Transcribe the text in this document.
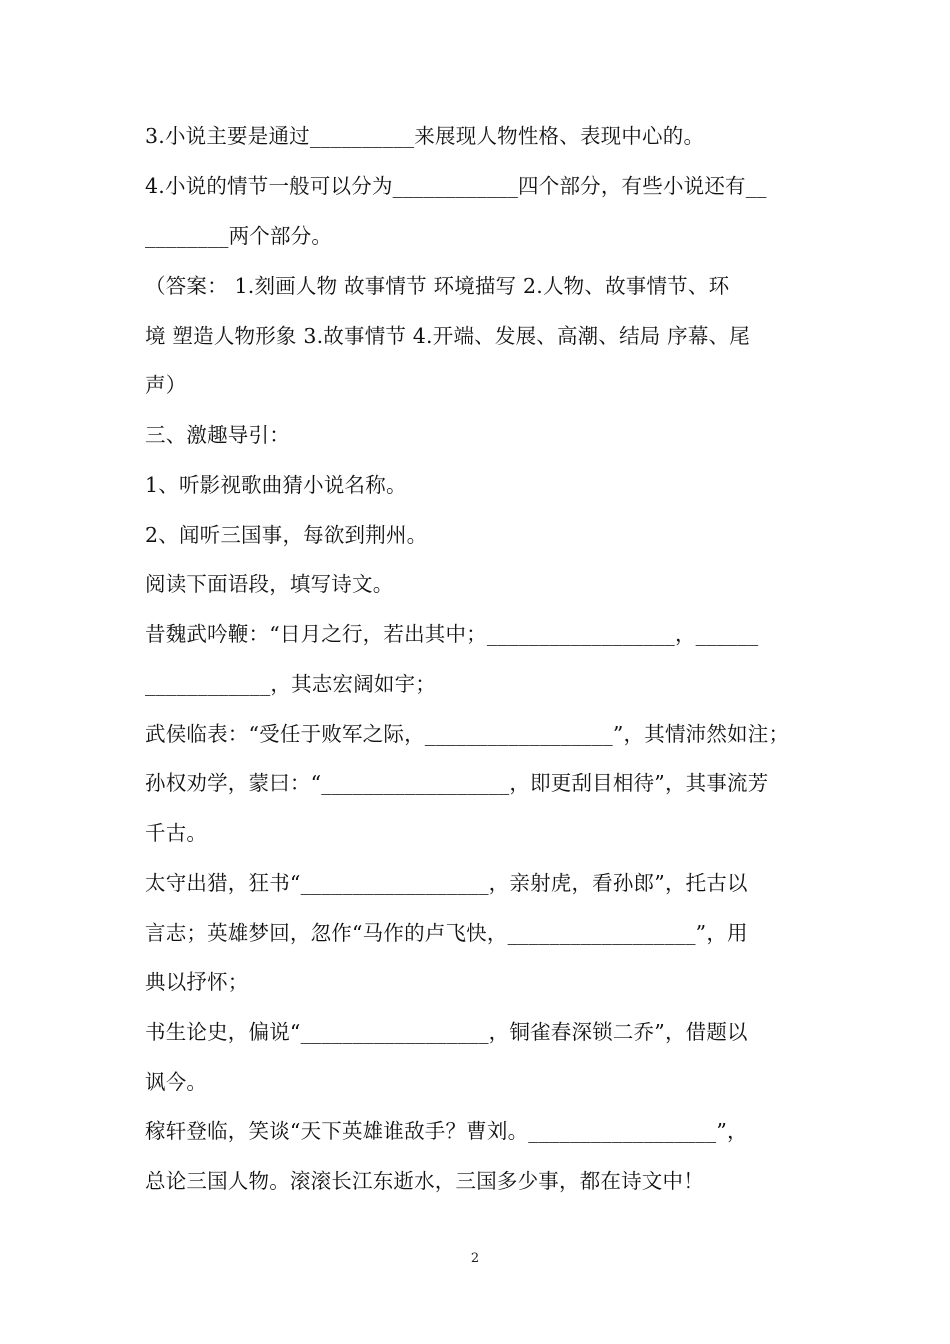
3.小说主要是通过__________来展现人物性格、表现中心的。
4.小说的情节一般可以分为____________四个部分，有些小说还有__
________两个部分。
（答案： 1.刻画人物 故事情节 环境描写 2.人物、故事情节、环
境 塑造人物形象 3.故事情节 4.开端、发展、高潮、结局 序幕、尾
声）
三、激趣导引：
1、听影视歌曲猜小说名称。
2、闻听三国事，每欲到荆州。
阅读下面语段，填写诗文。
昔魏武吟鞭：“日月之行，若出其中；__________________，______
____________，其志宏阔如宇；
武侯临表：“受任于败军之际，__________________”，其情沛然如注；
孙权劝学，蒙曰：“__________________，即更刮目相待”，其事流芳
千古。
太守出猎，狂书“__________________，亲射虎，看孙郎”，托古以
言志；英雄梦回，忽作“马作的卢飞快，__________________”，用
典以抒怀；
书生论史，偏说“__________________，铜雀春深锁二乔”，借题以
讽今。
稼轩登临，笑谈“天下英雄谁敌手？曹刘。__________________”，
总论三国人物。滚滚长江东逝水，三国多少事，都在诗文中！
2
